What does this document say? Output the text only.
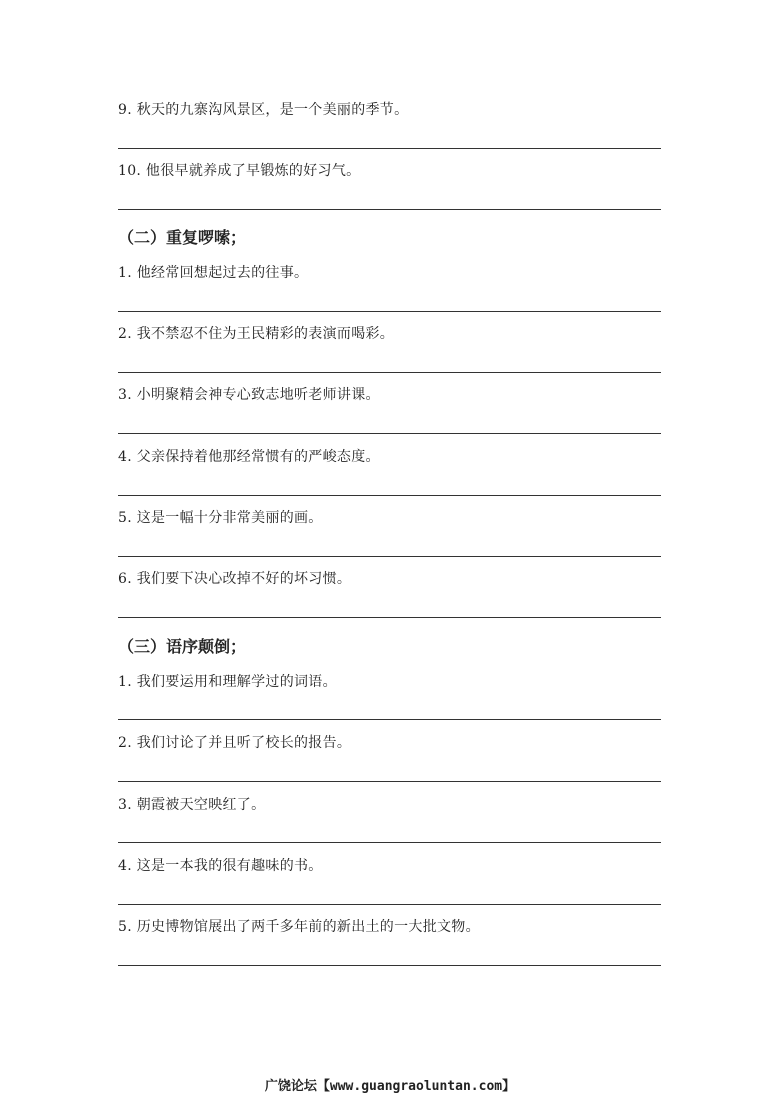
9. 秋天的九寨沟风景区，是一个美丽的季节。
10. 他很早就养成了早锻炼的好习气。
（二）重复啰嗦；
1. 他经常回想起过去的往事。
2. 我不禁忍不住为王民精彩的表演而喝彩。
3. 小明聚精会神专心致志地听老师讲课。
4. 父亲保持着他那经常惯有的严峻态度。
5. 这是一幅十分非常美丽的画。
6. 我们要下决心改掉不好的坏习惯。
（三）语序颠倒；
1. 我们要运用和理解学过的词语。
2. 我们讨论了并且听了校长的报告。
3. 朝霞被天空映红了。
4. 这是一本我的很有趣味的书。
5. 历史博物馆展出了两千多年前的新出土的一大批文物。
广饶论坛【www.guangraoluntan.com】
